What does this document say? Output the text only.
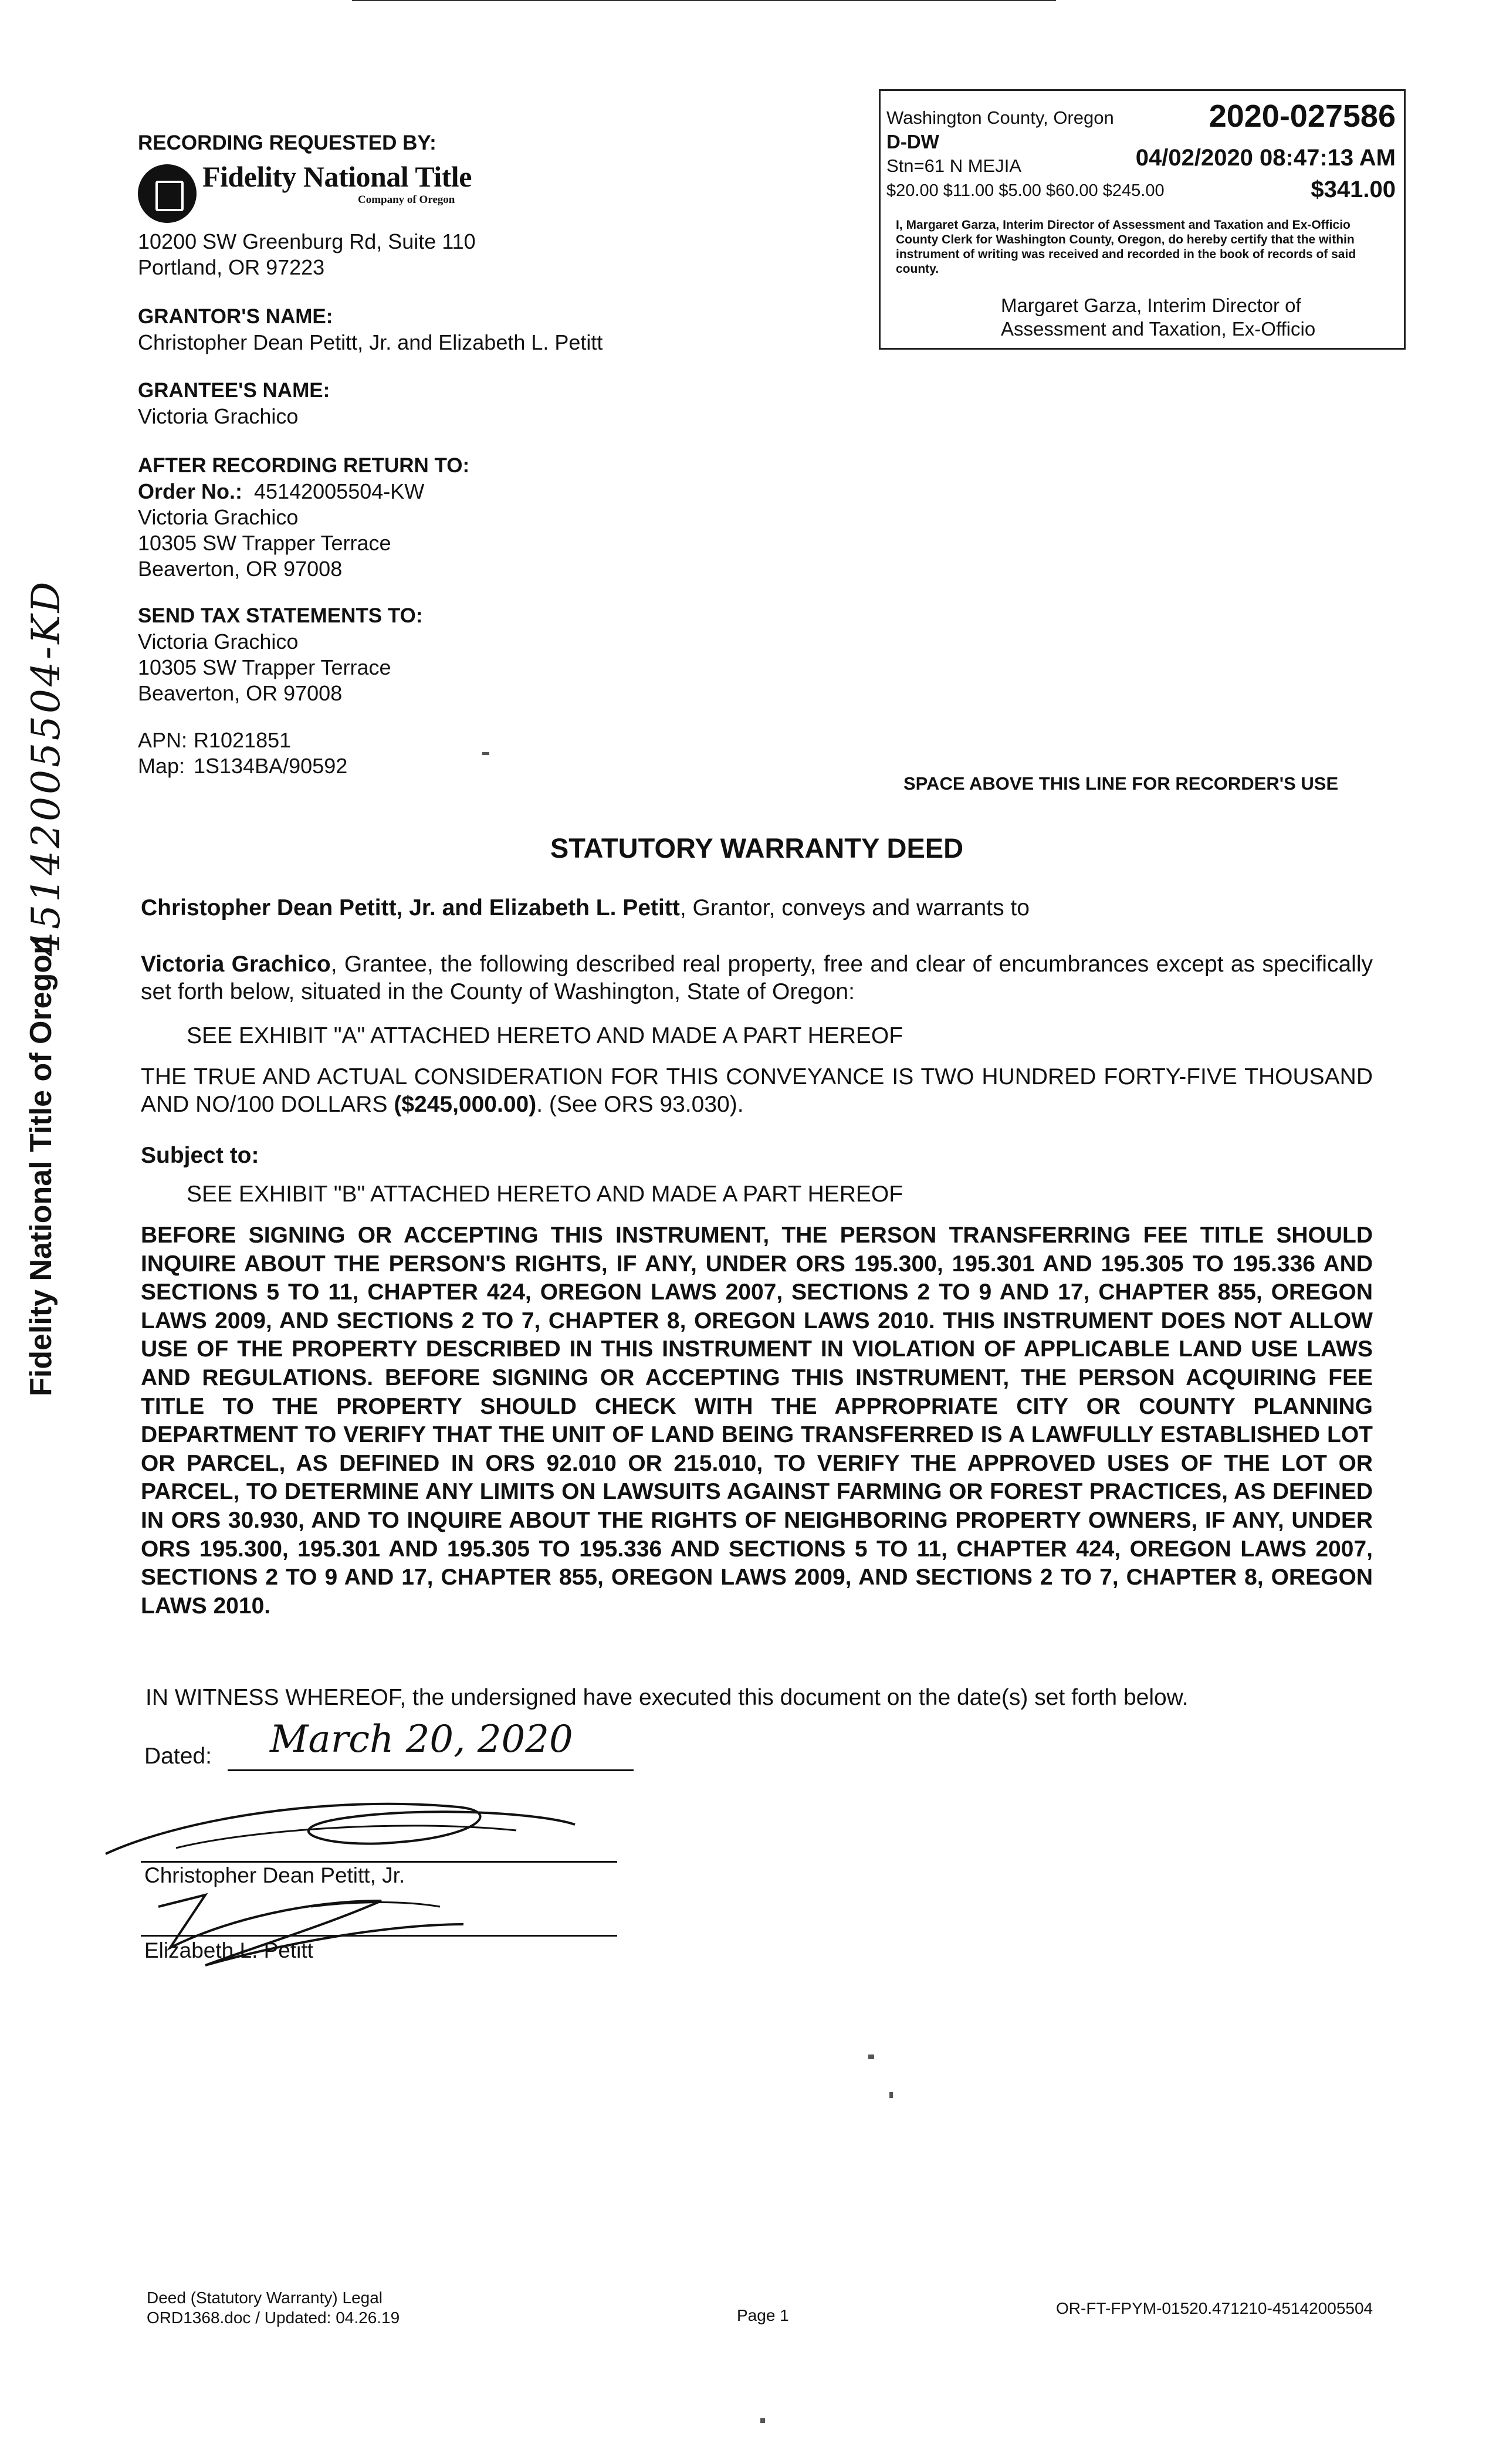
RECORDING REQUESTED BY:
Fidelity National Title
Company of Oregon
10200 SW Greenburg Rd, Suite 110
Portland, OR 97223
GRANTOR'S NAME:
Christopher Dean Petitt, Jr. and Elizabeth L. Petitt
GRANTEE'S NAME:
Victoria Grachico
AFTER RECORDING RETURN TO:
Order No.: 45142005504-KW
Victoria Grachico
10305 SW Trapper Terrace
Beaverton, OR 97008
SEND TAX STATEMENTS TO:
Victoria Grachico
10305 SW Trapper Terrace
Beaverton, OR 97008
APN: R1021851
Map: 1S134BA/90592
Washington County, Oregon	2020-027586
D-DW
Stn=61 N MEJIA	04/02/2020 08:47:13 AM
$20.00 $11.00 $5.00 $60.00 $245.00	$341.00
I, Margaret Garza, Interim Director of Assessment and Taxation and Ex-Officio County Clerk for Washington County, Oregon, do hereby certify that the within instrument of writing was received and recorded in the book of records of said county.
Margaret Garza, Interim Director of
Assessment and Taxation, Ex-Officio
Fidelity National Title of Oregon
45142005504-KD	SPACE ABOVE THIS LINE FOR RECORDER'S USE
STATUTORY WARRANTY DEED
Christopher Dean Petitt, Jr. and Elizabeth L. Petitt, Grantor, conveys and warrants to
Victoria Grachico, Grantee, the following described real property, free and clear of encumbrances except as specifically set forth below, situated in the County of Washington, State of Oregon:
SEE EXHIBIT "A" ATTACHED HERETO AND MADE A PART HEREOF
THE TRUE AND ACTUAL CONSIDERATION FOR THIS CONVEYANCE IS TWO HUNDRED FORTY-FIVE THOUSAND AND NO/100 DOLLARS ($245,000.00). (See ORS 93.030).
Subject to:
SEE EXHIBIT "B" ATTACHED HERETO AND MADE A PART HEREOF
BEFORE SIGNING OR ACCEPTING THIS INSTRUMENT, THE PERSON TRANSFERRING FEE TITLE SHOULD INQUIRE ABOUT THE PERSON'S RIGHTS, IF ANY, UNDER ORS 195.300, 195.301 AND 195.305 TO 195.336 AND SECTIONS 5 TO 11, CHAPTER 424, OREGON LAWS 2007, SECTIONS 2 TO 9 AND 17, CHAPTER 855, OREGON LAWS 2009, AND SECTIONS 2 TO 7, CHAPTER 8, OREGON LAWS 2010. THIS INSTRUMENT DOES NOT ALLOW USE OF THE PROPERTY DESCRIBED IN THIS INSTRUMENT IN VIOLATION OF APPLICABLE LAND USE LAWS AND REGULATIONS. BEFORE SIGNING OR ACCEPTING THIS INSTRUMENT, THE PERSON ACQUIRING FEE TITLE TO THE PROPERTY SHOULD CHECK WITH THE APPROPRIATE CITY OR COUNTY PLANNING DEPARTMENT TO VERIFY THAT THE UNIT OF LAND BEING TRANSFERRED IS A LAWFULLY ESTABLISHED LOT OR PARCEL, AS DEFINED IN ORS 92.010 OR 215.010, TO VERIFY THE APPROVED USES OF THE LOT OR PARCEL, TO DETERMINE ANY LIMITS ON LAWSUITS AGAINST FARMING OR FOREST PRACTICES, AS DEFINED IN ORS 30.930, AND TO INQUIRE ABOUT THE RIGHTS OF NEIGHBORING PROPERTY OWNERS, IF ANY, UNDER ORS 195.300, 195.301 AND 195.305 TO 195.336 AND SECTIONS 5 TO 11, CHAPTER 424, OREGON LAWS 2007, SECTIONS 2 TO 9 AND 17, CHAPTER 855, OREGON LAWS 2009, AND SECTIONS 2 TO 7, CHAPTER 8, OREGON LAWS 2010.
IN WITNESS WHEREOF, the undersigned have executed this document on the date(s) set forth below.
Dated: March 20, 2020
Christopher Dean Petitt, Jr.
Elizabeth L. Petitt
Deed (Statutory Warranty) Legal
ORD1368.doc / Updated: 04.26.19	Page 1	OR-FT-FPYM-01520.471210-45142005504
